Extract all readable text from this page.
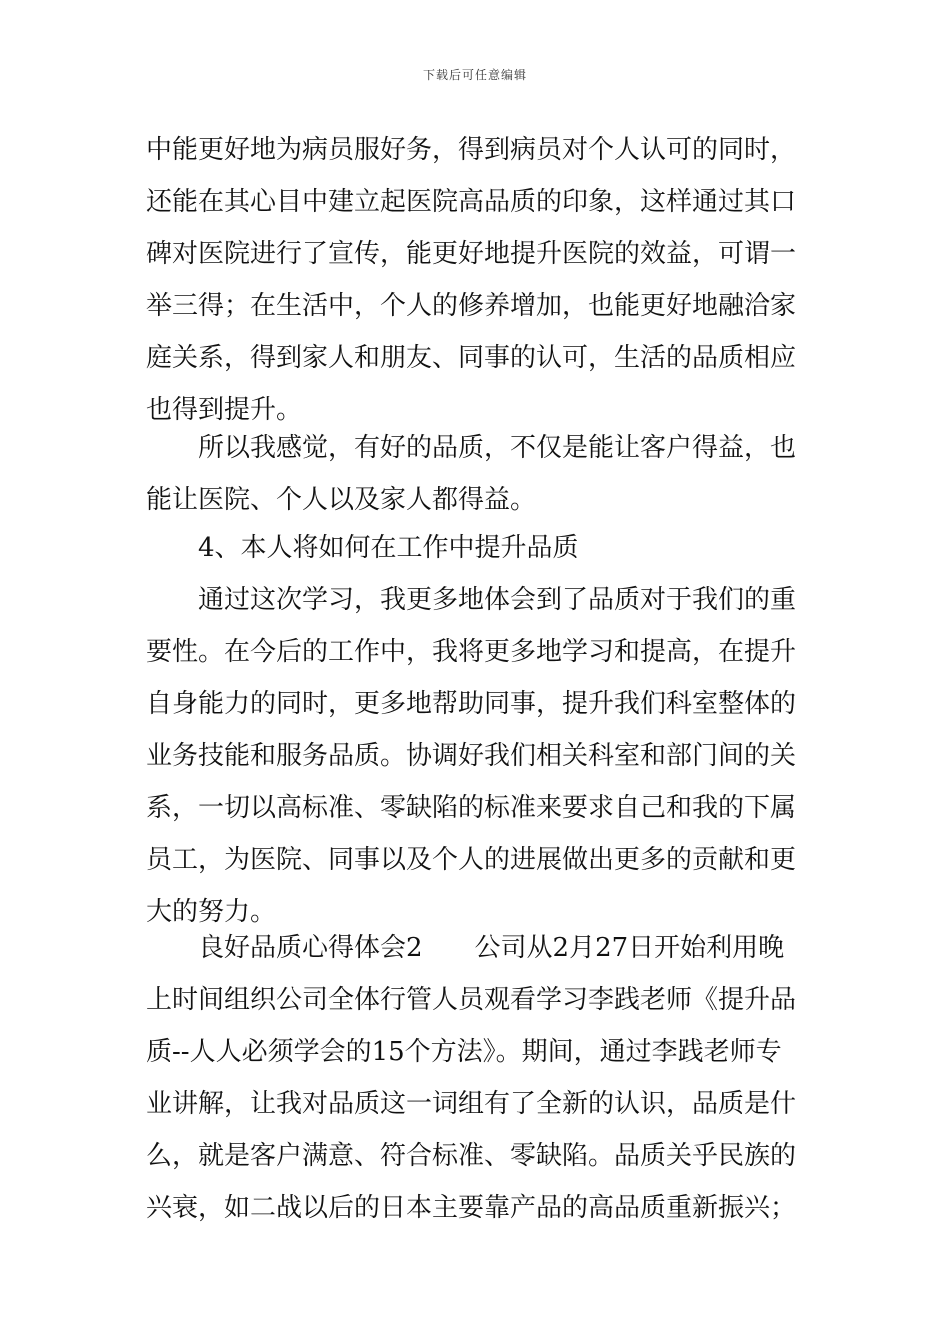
下载后可任意编辑
中能更好地为病员服好务，得到病员对个人认可的同时，
还能在其心目中建立起医院高品质的印象，这样通过其口
碑对医院进行了宣传，能更好地提升医院的效益，可谓一
举三得；在生活中，个人的修养增加，也能更好地融洽家
庭关系，得到家人和朋友、同事的认可，生活的品质相应
也得到提升。
所以我感觉，有好的品质，不仅是能让客户得益，也
能让医院、个人以及家人都得益。
4、本人将如何在工作中提升品质
通过这次学习，我更多地体会到了品质对于我们的重
要性。在今后的工作中，我将更多地学习和提高，在提升
自身能力的同时，更多地帮助同事，提升我们科室整体的
业务技能和服务品质。协调好我们相关科室和部门间的关
系，一切以高标准、零缺陷的标准来要求自己和我的下属
员工，为医院、同事以及个人的进展做出更多的贡献和更
大的努力。
良好品质心得体会2　　公司从2月27日开始利用晚
上时间组织公司全体行管人员观看学习李践老师《提升品
质--人人必须学会的15个方法》。期间，通过李践老师专
业讲解，让我对品质这一词组有了全新的认识，品质是什
么，就是客户满意、符合标准、零缺陷。品质关乎民族的
兴衰，如二战以后的日本主要靠产品的高品质重新振兴；
